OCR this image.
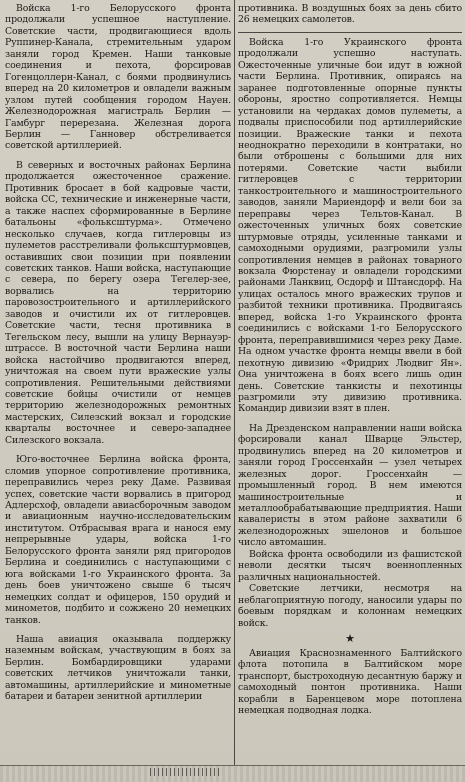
Войска 1-го Белорусского фронта продолжали успешное наступление. Советские части, продвигающиеся вдоль Руппинер-Канала, стремительным ударом заняли город Кремен. Наши танковые соединения и пехота, форсировав Гогенцоллерн-Канал, с боями продвинулись вперед на 20 километров и овладели важным узлом путей сообщения городом Науен. Железнодорожная магистраль Берлин — Гамбург перерезана. Железная дорога Берлин — Ганновер обстреливается советской артиллерией.

В северных и восточных районах Берлина продолжается ожесточенное сражение. Противник бросает в бой кадровые части, войска СС, технические и инженерные части, а также наспех сформированные в Берлине батальоны «фольксштурма». Отмечено несколько случаев, когда гитлеровцы из пулеметов расстреливали фольксштурмовцев, оставивших свои позиции при появлении советских танков. Наши войска, наступающие с севера, по берегу озера Тегелер-зее, ворвались на территорию паровозостроительного и артиллерийского заводов и очистили их от гитлеровцев. Советские части, тесня противника в Тегельском лесу, вышли на улицу Вернауэр-штрассе. В восточной части Берлина наши войска настойчиво продвигаются вперед, уничтожая на своем пути вражеские узлы сопротивления. Решительными действиями советские бойцы очистили от немцев территорию железнодорожных ремонтных мастерских, Силезский вокзал и городские кварталы восточнее и северо-западнее Силезского вокзала.

Юго-восточнее Берлина войска фронта, сломив упорное сопротивление противника, переправились через реку Даме. Развивая успех, советские части ворвались в пригород Адлерсхоф, овладели авиасборочным заводом и авиационным научно-исследовательским институтом. Отбрасывая врага и нанося ему непрерывные удары, войска 1-го Белорусского фронта заняли ряд пригородов Берлина и соединились с наступающими с юга войсками 1-го Украинского фронта. За день боев уничтожено свыше 6 тысяч немецких солдат и офицеров, 150 орудий и минометов, подбито и сожжено 20 немецких танков.

Наша авиация оказывала поддержку наземным войскам, участвующим в боях за Берлин. Бомбардировщики ударами советских летчиков уничтожали танки, автомашины, артиллерийские и минометные батареи и батареи зенитной артиллерии

противника. В воздушных боях за день сбито 26 немецких самолетов.

Войска 1-го Украинского фронта продолжали успешно наступать. Ожесточенные уличные бои идут в южной части Берлина. Противник, опираясь на заранее подготовленные опорные пункты обороны, яростно сопротивляется. Немцы установили на чердаках домов пулеметы, а подвалы приспособили под артиллерийские позиции. Вражеские танки и пехота неоднократно переходили в контратаки, но были отброшены с большими для них потерями. Советские части выбили гитлеровцев с территории танкостроительного и машиностроительного заводов, заняли Мариендорф и вели бои за переправы через Тельтов-Канал. В ожесточенных уличных боях советские штурмовые отряды, усиленные танками и самоходными орудиями, разгромили узлы сопротивления немцев в районах товарного вокзала Фюрстенау и овладели городскими районами Ланквиц, Осдорф и Штансдорф. На улицах осталось много вражеских трупов и разбитой техники противника. Продвигаясь вперед, войска 1-го Украинского фронта соединились с войсками 1-го Белорусского фронта, переправившимися через реку Даме. На одном участке фронта немцы ввели в бой пехотную дивизию «Фридрих Людвиг Ян». Она уничтожена в боях всего лишь один день. Советские танкисты и пехотинцы разгромили эту дивизию противника. Командир дивизии взят в плен.

На Дрезденском направлении наши войска форсировали канал Шварце Эльстер, продвинулись вперед на 20 километров и заняли город Гроссенхайн — узел четырех железных дорог. Гроссенхайн — промышленный город. В нем имеются машиностроительные и металлообрабатывающие предприятия. Наши кавалеристы в этом районе захватили 6 железнодорожных эшелонов и большое число автомашин.

Войска фронта освободили из фашистской неволи десятки тысяч военнопленных различных национальностей.

Советские летчики, несмотря на неблагоприятную погоду, наносили удары по боевым порядкам и колоннам немецких войск.

★

Авиация Краснознаменного Балтийского флота потопила в Балтийском море транспорт, быстроходную десантную баржу и самоходный понтон противника. Наши корабли в Баренцевом море потоплена немецкая подводная лодка.
